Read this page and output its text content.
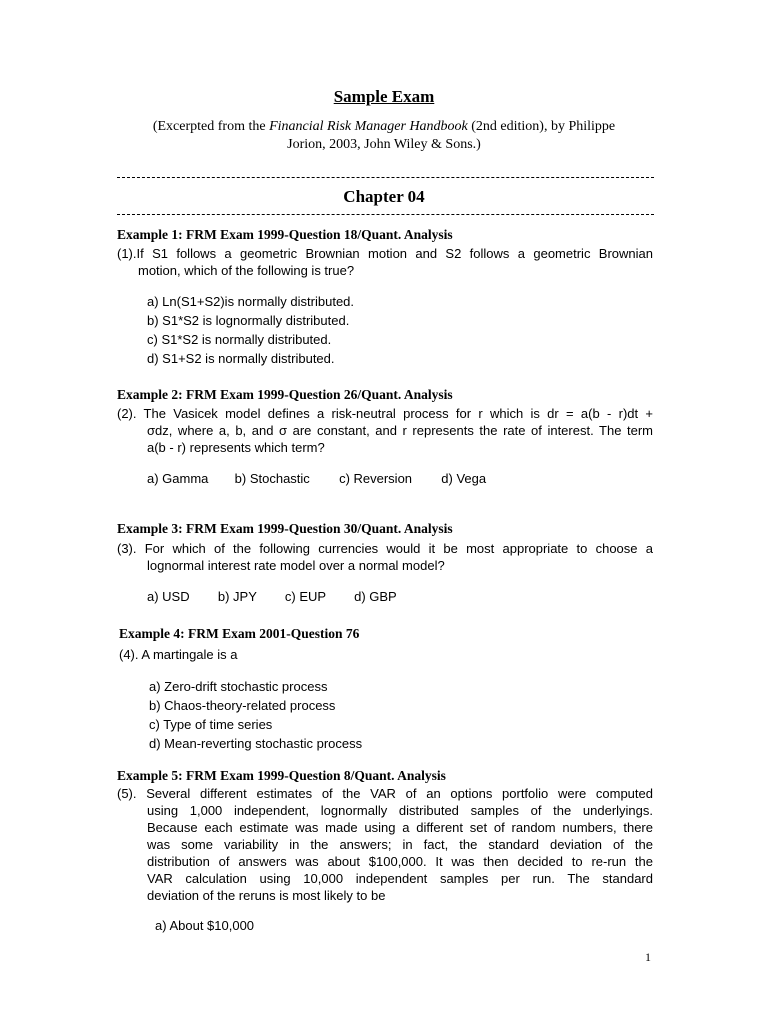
Sample Exam
(Excerpted from the Financial Risk Manager Handbook (2nd edition), by Philippe
Jorion, 2003, John Wiley & Sons.)
Chapter 04
Example 1: FRM Exam 1999-Question 18/Quant. Analysis
(1).If S1 follows a geometric Brownian motion and S2 follows a geometric Brownian
motion, which of the following is true?
a) Ln(S1+S2)is normally distributed.
b) S1*S2 is lognormally distributed.
c) S1*S2 is normally distributed.
d) S1+S2 is normally distributed.
Example 2: FRM Exam 1999-Question 26/Quant. Analysis
(2). The Vasicek model defines a risk-neutral process for r which is dr = a(b - r)dt +
σdz, where a, b, and σ are constant, and r represents the rate of interest. The term
a(b - r) represents which term?
a) Gamma b) Stochastic c) Reversion d) Vega
Example 3: FRM Exam 1999-Question 30/Quant. Analysis
(3). For which of the following currencies would it be most appropriate to choose a
lognormal interest rate model over a normal model?
a) USD b) JPY c) EUP d) GBP
Example 4: FRM Exam 2001-Question 76
(4). A martingale is a
a) Zero-drift stochastic process
b) Chaos-theory-related process
c) Type of time series
d) Mean-reverting stochastic process
Example 5: FRM Exam 1999-Question 8/Quant. Analysis
(5). Several different estimates of the VAR of an options portfolio were computed
using 1,000 independent, lognormally distributed samples of the underlyings.
Because each estimate was made using a different set of random numbers, there
was some variability in the answers; in fact, the standard deviation of the
distribution of answers was about $100,000. It was then decided to re-run the
VAR calculation using 10,000 independent samples per run. The standard
deviation of the reruns is most likely to be
a) About $10,000
1
